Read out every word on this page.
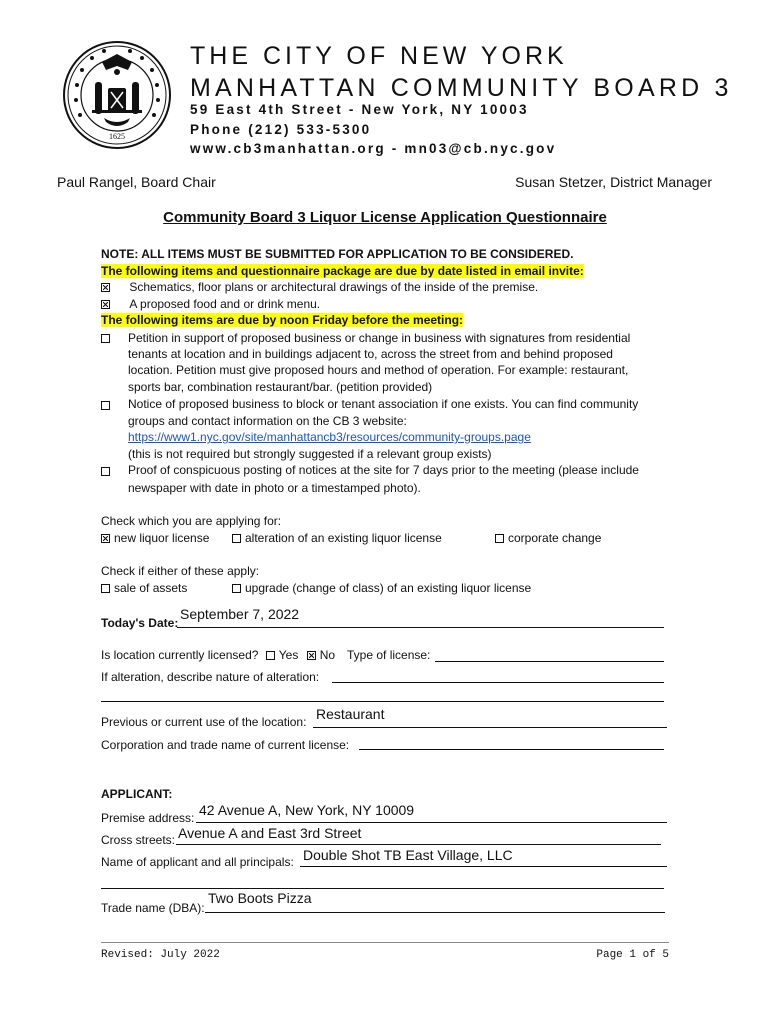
1625
THE CITY OF NEW YORK
MANHATTAN COMMUNITY BOARD 3
59 East 4th Street - New York, NY 10003
Phone (212) 533-5300
www.cb3manhattan.org - mn03@cb.nyc.gov
Paul Rangel, Board Chair	Susan Stetzer, District Manager
Community Board 3 Liquor License Application Questionnaire
NOTE: ALL ITEMS MUST BE SUBMITTED FOR APPLICATION TO BE CONSIDERED.
The following items and questionnaire package are due by date listed in email invite:
Schematics, floor plans or architectural drawings of the inside of the premise.
A proposed food and or drink menu.
The following items are due by noon Friday before the meeting:
Petition in support of proposed business or change in business with signatures from residential
tenants at location and in buildings adjacent to, across the street from and behind proposed
location. Petition must give proposed hours and method of operation. For example: restaurant,
sports bar, combination restaurant/bar. (petition provided)
Notice of proposed business to block or tenant association if one exists. You can find community
groups and contact information on the CB 3 website:
https://www1.nyc.gov/site/manhattancb3/resources/community-groups.page
(this is not required but strongly suggested if a relevant group exists)
Proof of conspicuous posting of notices at the site for 7 days prior to the meeting (please include
newspaper with date in photo or a timestamped photo).
Check which you are applying for:
new liquor license	alteration of an existing liquor license	corporate change
Check if either of these apply:
sale of assets	upgrade (change of class) of an existing liquor license
Today's Date:
September 7, 2022
Is location currently licensed? Yes No Type of license:
If alteration, describe nature of alteration:
Previous or current use of the location: Restaurant
Corporation and trade name of current license:
APPLICANT:
Premise address: 42 Avenue A, New York, NY 10009
Cross streets: Avenue A and East 3rd Street
Name of applicant and all principals: Double Shot TB East Village, LLC
Trade name (DBA):
Two Boots Pizza
Revised: July 2022	Page 1 of 5
